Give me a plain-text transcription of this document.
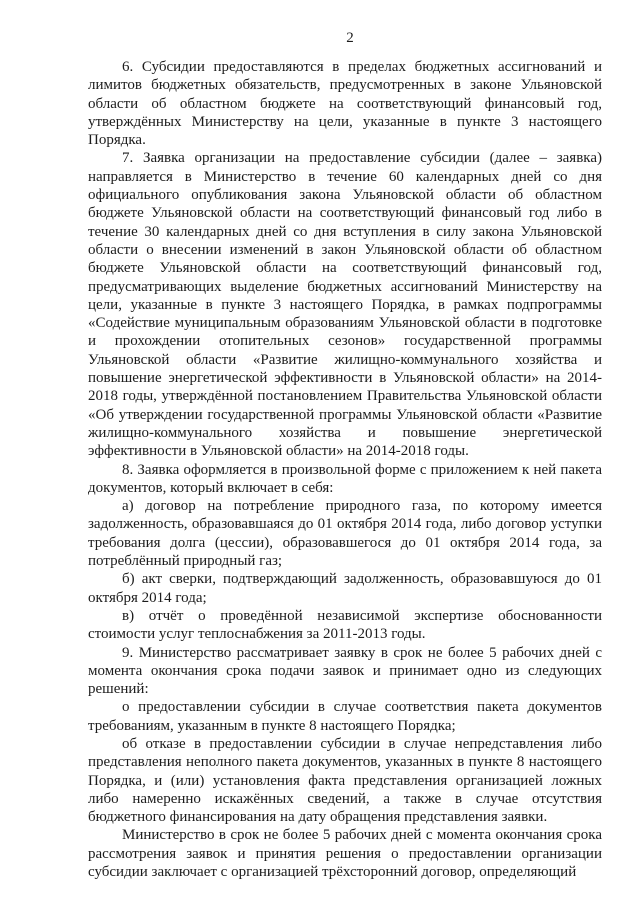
2

6. Субсидии предоставляются в пределах бюджетных ассигнований и лимитов бюджетных обязательств, предусмотренных в законе Ульяновской области об областном бюджете на соответствующий финансовый год, утверждённых Министерству на цели, указанные в пункте 3 настоящего Порядка.

7. Заявка организации на предоставление субсидии (далее – заявка) направляется в Министерство в течение 60 календарных дней со дня официального опубликования закона Ульяновской области об областном бюджете Ульяновской области на соответствующий финансовый год либо в течение 30 календарных дней со дня вступления в силу закона Ульяновской области о внесении изменений в закон Ульяновской области об областном бюджете Ульяновской области на соответствующий финансовый год, предусматривающих выделение бюджетных ассигнований Министерству на цели, указанные в пункте 3 настоящего Порядка, в рамках подпрограммы «Содействие муниципальным образованиям Ульяновской области в подготовке и прохождении отопительных сезонов» государственной программы Ульяновской области «Развитие жилищно-коммунального хозяйства и повышение энергетической эффективности в Ульяновской области» на 2014-2018 годы, утверждённой постановлением Правительства Ульяновской области «Об утверждении государственной программы Ульяновской области «Развитие жилищно-коммунального хозяйства и повышение энергетической эффективности в Ульяновской области» на 2014-2018 годы.

8. Заявка оформляется в произвольной форме с приложением к ней пакета документов, который включает в себя:

а) договор на потребление природного газа, по которому имеется задолженность, образовавшаяся до 01 октября 2014 года, либо договор уступки требования долга (цессии), образовавшегося до 01 октября 2014 года, за потреблённый природный газ;

б) акт сверки, подтверждающий задолженность, образовавшуюся до 01 октября 2014 года;

в) отчёт о проведённой независимой экспертизе обоснованности стоимости услуг теплоснабжения за 2011-2013 годы.

9. Министерство рассматривает заявку в срок не более 5 рабочих дней с момента окончания срока подачи заявок и принимает одно из следующих решений:

о предоставлении субсидии в случае соответствия пакета документов требованиям, указанным в пункте 8 настоящего Порядка;

об отказе в предоставлении субсидии в случае непредставления либо представления неполного пакета документов, указанных в пункте 8 настоящего Порядка, и (или) установления факта представления организацией ложных либо намеренно искажённых сведений, а также в случае отсутствия бюджетного финансирования на дату обращения представления заявки.

Министерство в срок не более 5 рабочих дней с момента окончания срока рассмотрения заявок и принятия решения о предоставлении организации субсидии заключает с организацией трёхсторонний договор, определяющий
